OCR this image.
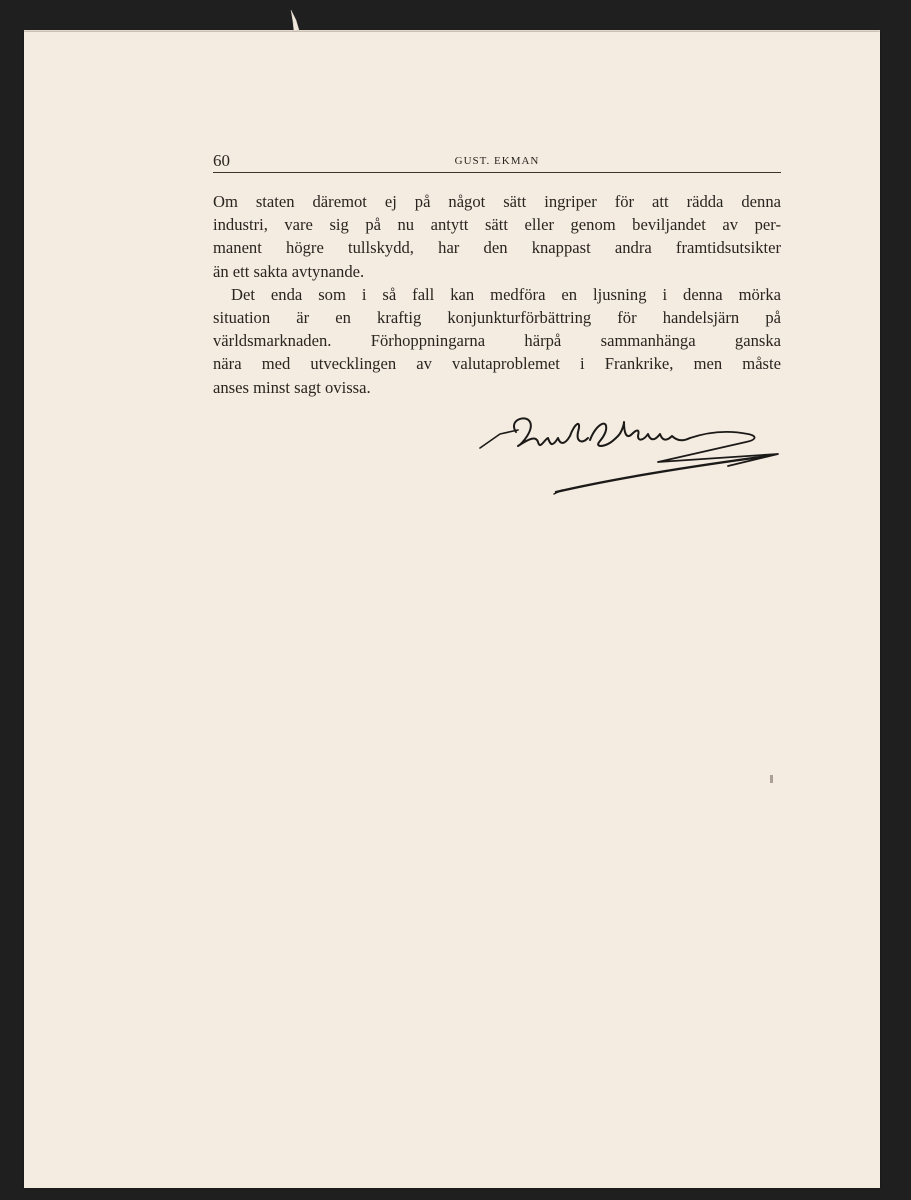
60	GUST. EKMAN
Om staten däremot ej på något sätt ingriper för att rädda denna
industri, vare sig på nu antytt sätt eller genom beviljandet av per-
manent högre tullskydd, har den knappast andra framtidsutsikter
än ett sakta avtynande.
Det enda som i så fall kan medföra en ljusning i denna mörka
situation är en kraftig konjunkturförbättring för handelsjärn på
världsmarknaden. Förhoppningarna härpå sammanhänga ganska
nära med utvecklingen av valutaproblemet i Frankrike, men måste
anses minst sagt ovissa.
